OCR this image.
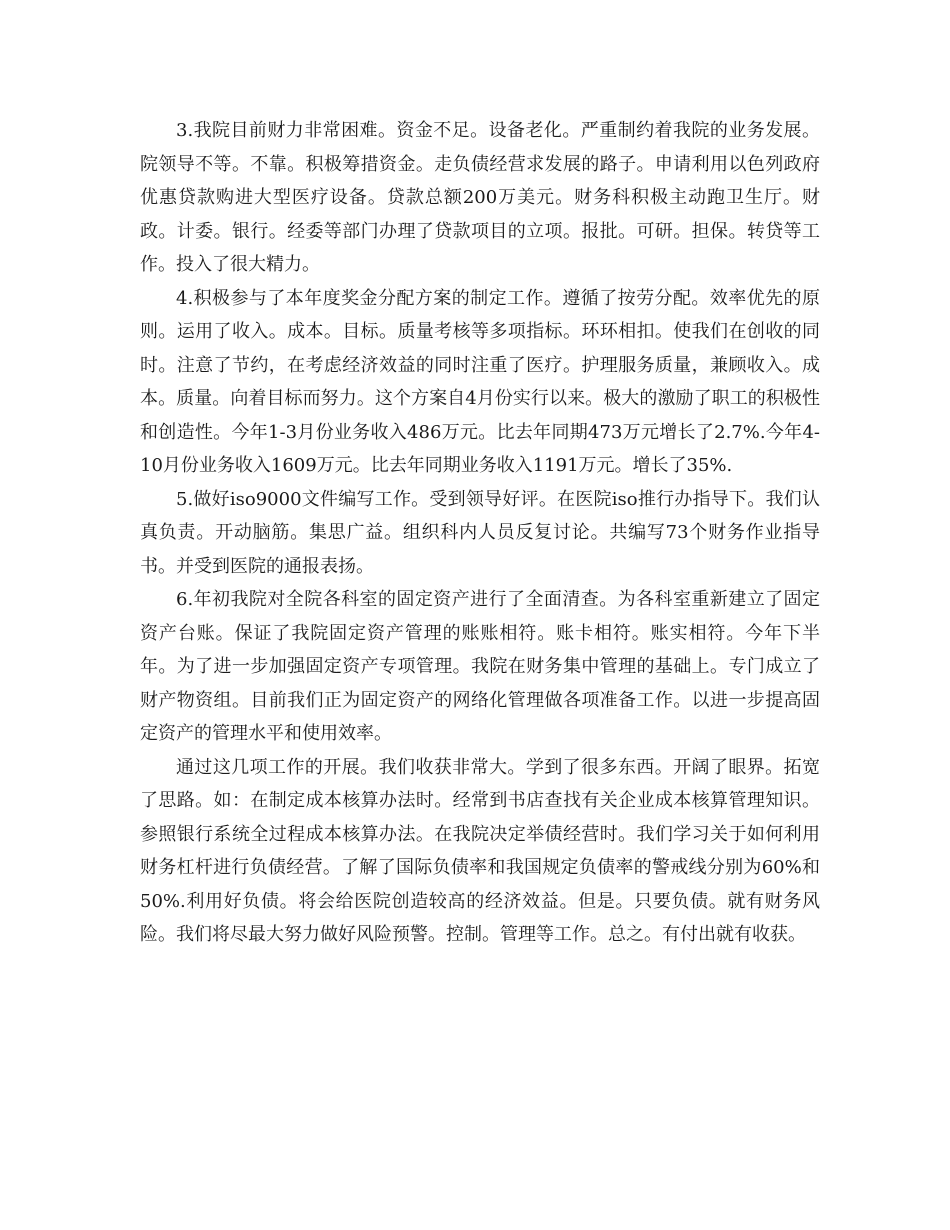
3.我院目前财力非常困难。资金不足。设备老化。严重制约着我院的业务发展。院领导不等。不靠。积极筹措资金。走负债经营求发展的路子。申请利用以色列政府优惠贷款购进大型医疗设备。贷款总额200万美元。财务科积极主动跑卫生厅。财政。计委。银行。经委等部门办理了贷款项目的立项。报批。可研。担保。转贷等工作。投入了很大精力。

4.积极参与了本年度奖金分配方案的制定工作。遵循了按劳分配。效率优先的原则。运用了收入。成本。目标。质量考核等多项指标。环环相扣。使我们在创收的同时。注意了节约，在考虑经济效益的同时注重了医疗。护理服务质量，兼顾收入。成本。质量。向着目标而努力。这个方案自4月份实行以来。极大的激励了职工的积极性和创造性。今年1-3月份业务收入486万元。比去年同期473万元增长了2.7%.今年4-10月份业务收入1609万元。比去年同期业务收入1191万元。增长了35%.

5.做好iso9000文件编写工作。受到领导好评。在医院iso推行办指导下。我们认真负责。开动脑筋。集思广益。组织科内人员反复讨论。共编写73个财务作业指导书。并受到医院的通报表扬。

6.年初我院对全院各科室的固定资产进行了全面清查。为各科室重新建立了固定资产台账。保证了我院固定资产管理的账账相符。账卡相符。账实相符。今年下半年。为了进一步加强固定资产专项管理。我院在财务集中管理的基础上。专门成立了财产物资组。目前我们正为固定资产的网络化管理做各项准备工作。以进一步提高固定资产的管理水平和使用效率。

通过这几项工作的开展。我们收获非常大。学到了很多东西。开阔了眼界。拓宽了思路。如：在制定成本核算办法时。经常到书店查找有关企业成本核算管理知识。参照银行系统全过程成本核算办法。在我院决定举债经营时。我们学习关于如何利用财务杠杆进行负债经营。了解了国际负债率和我国规定负债率的警戒线分别为60%和50%.利用好负债。将会给医院创造较高的经济效益。但是。只要负债。就有财务风险。我们将尽最大努力做好风险预警。控制。管理等工作。总之。有付出就有收获。
